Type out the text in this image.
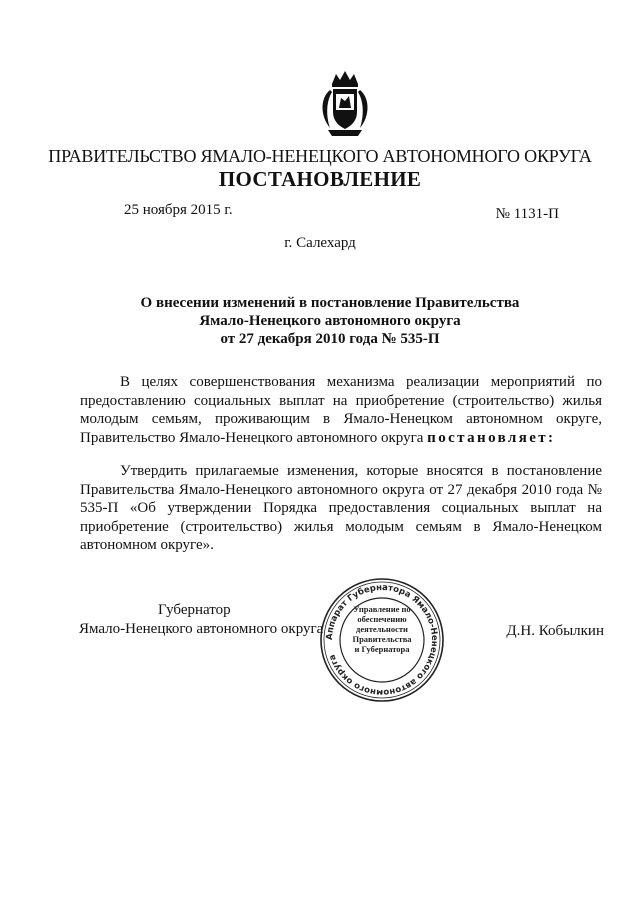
ПРАВИТЕЛЬСТВО ЯМАЛО-НЕНЕЦКОГО АВТОНОМНОГО ОКРУГА
ПОСТАНОВЛЕНИЕ
25 ноября 2015 г.	№ 1131-П
г. Салехард
О внесении изменений в постановление Правительства
Ямало-Ненецкого автономного округа
от 27 декабря 2010 года № 535-П

В целях совершенствования механизма реализации мероприятий по предоставлению социальных выплат на приобретение (строительство) жилья молодым семьям, проживающим в Ямало-Ненецком автономном округе, Правительство Ямало-Ненецкого автономного округа постановляет:

Утвердить прилагаемые изменения, которые вносятся в постановление Правительства Ямало-Ненецкого автономного округа от 27 декабря 2010 года № 535-П «Об утверждении Порядка предоставления социальных выплат на приобретение (строительство) жилья молодым семьям в Ямало-Ненецком автономном округе».

Губернатор
Ямало-Ненецкого автономного округа	Д.Н. Кобылкин
Аппарат Губернатора Ямало-Ненецкого автономного округа
Управление по
обеспечению
деятельности
Правительства
и Губернатора
